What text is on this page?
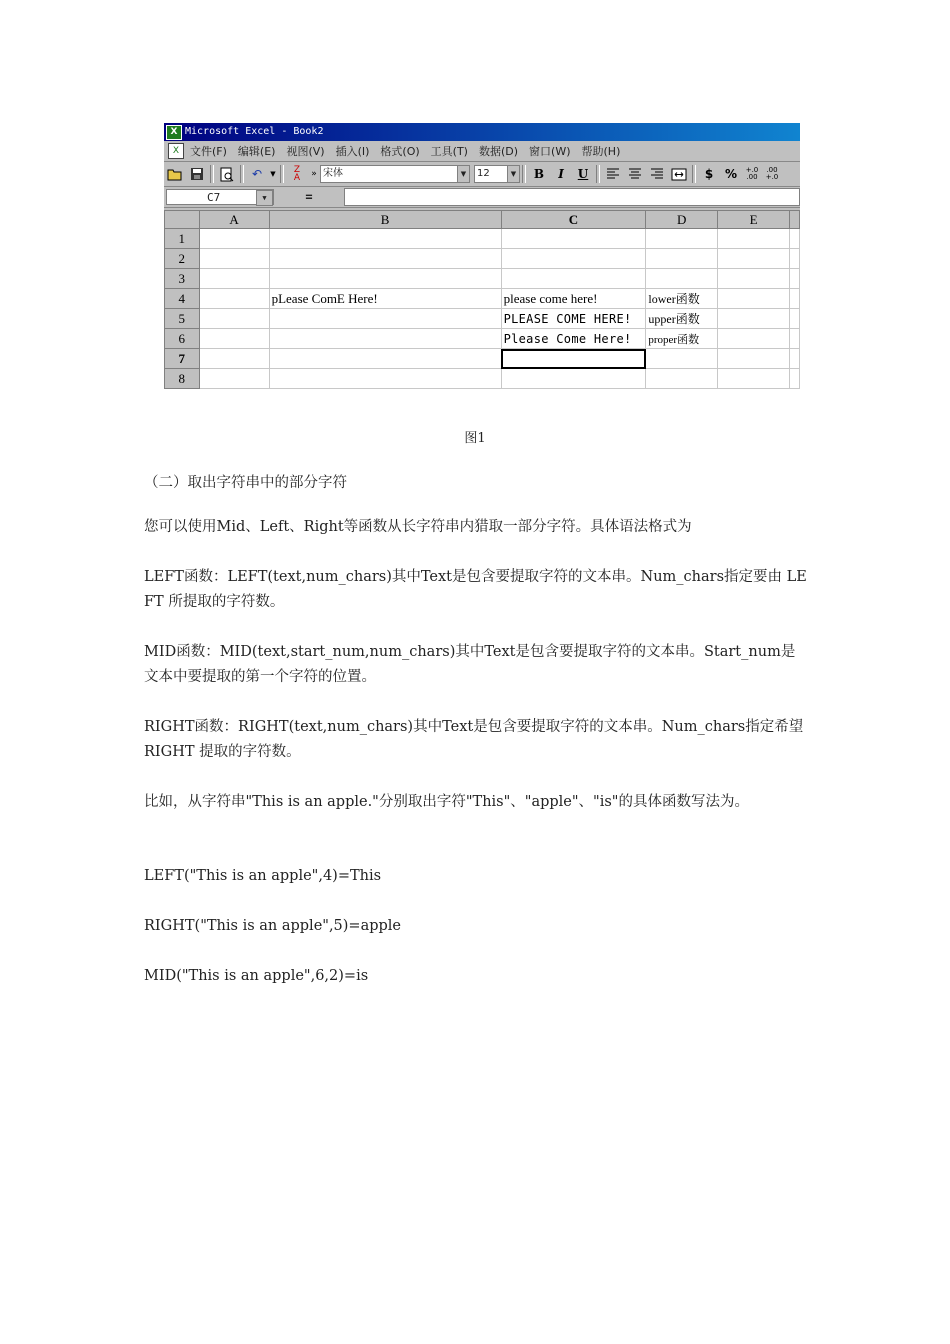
X Microsoft Excel - Book2
X 文件(F) 编辑(E) 视图(V) 插入(I) 格式(O) 工具(T) 数据(D) 窗口(W) 帮助(H)
↶	▼	Z
A	» 宋体	▼	12	▼	B	I	U	$ %	+.0 .00
.00 +.0
C7	▼	=
	A	B	C	D	E	
1						
2						
3						
4		pLease ComE Here!	please come here!	lower函数		
5			PLEASE COME HERE!	upper函数		
6			Please Come Here!	proper函数		
7						
8						
图1

（二）取出字符串中的部分字符

您可以使用Mid、Left、Right等函数从长字符串内猎取一部分字符。具体语法格式为

LEFT函数：LEFT(text,num_chars)其中Text是包含要提取字符的文本串。Num_chars指定要由 LEFT 所提取的字符数。

MID函数：MID(text,start_num,num_chars)其中Text是包含要提取字符的文本串。Start_num是文本中要提取的第一个字符的位置。

RIGHT函数：RIGHT(text,num_chars)其中Text是包含要提取字符的文本串。Num_chars指定希望 RIGHT 提取的字符数。

比如，从字符串"This is an apple."分别取出字符"This"、"apple"、"is"的具体函数写法为。

LEFT("This is an apple",4)=This

RIGHT("This is an apple",5)=apple

MID("This is an apple",6,2)=is
